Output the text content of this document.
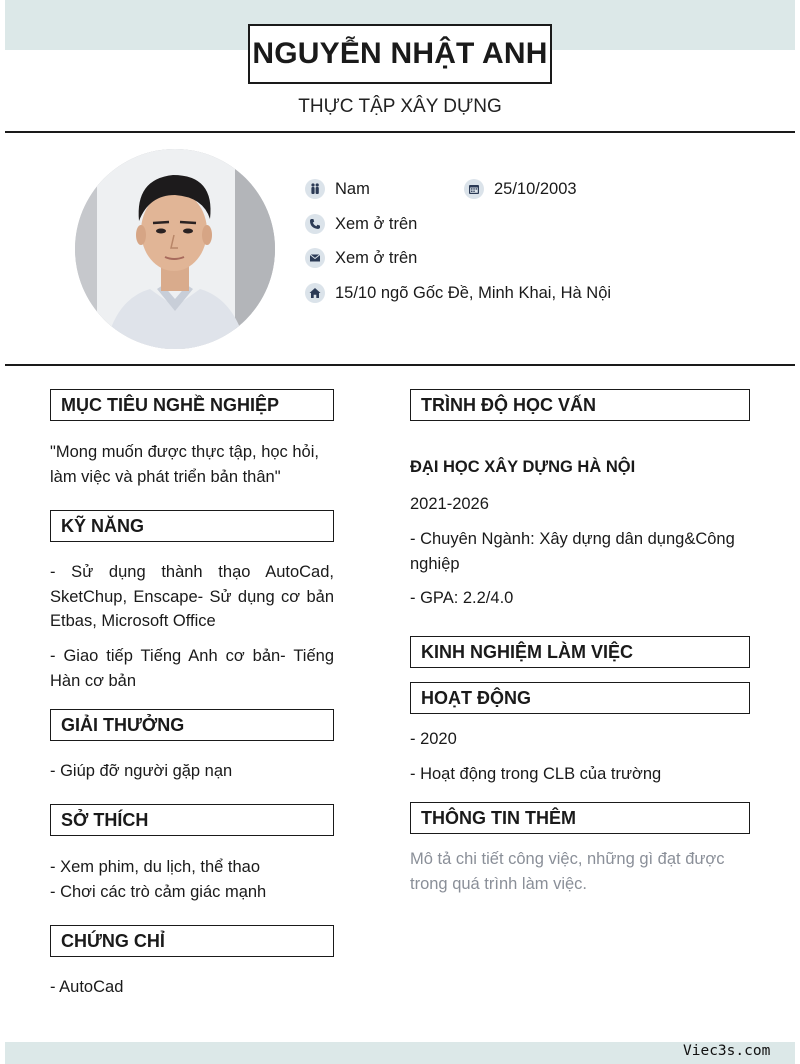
NGUYỄN NHẬT ANH
THỰC TẬP XÂY DỰNG
Nam	25/10/2003
Xem ở trên
Xem ở trên
15/10 ngõ Gốc Đề, Minh Khai, Hà Nội
MỤC TIÊU NGHỀ NGHIỆP
"Mong muốn được thực tập, học hỏi, làm việc và phát triển bản thân"
KỸ NĂNG
- Sử dụng thành thạo AutoCad, SketChup, Enscape- Sử dụng cơ bản Etbas, Microsoft Office
- Giao tiếp Tiếng Anh cơ bản- Tiếng Hàn cơ bản
GIẢI THƯỞNG
- Giúp đỡ người gặp nạn
SỞ THÍCH
- Xem phim, du lịch, thể thao
- Chơi các trò cảm giác mạnh
CHỨNG CHỈ
- AutoCad
TRÌNH ĐỘ HỌC VẤN
ĐẠI HỌC XÂY DỰNG HÀ NỘI
2021-2026
- Chuyên Ngành: Xây dựng dân dụng&Công nghiệp
- GPA: 2.2/4.0
KINH NGHIỆM LÀM VIỆC
HOẠT ĐỘNG
- 2020
- Hoạt động trong CLB của trường
THÔNG TIN THÊM
Mô tả chi tiết công việc, những gì đạt được trong quá trình làm việc.
Viec3s.com
